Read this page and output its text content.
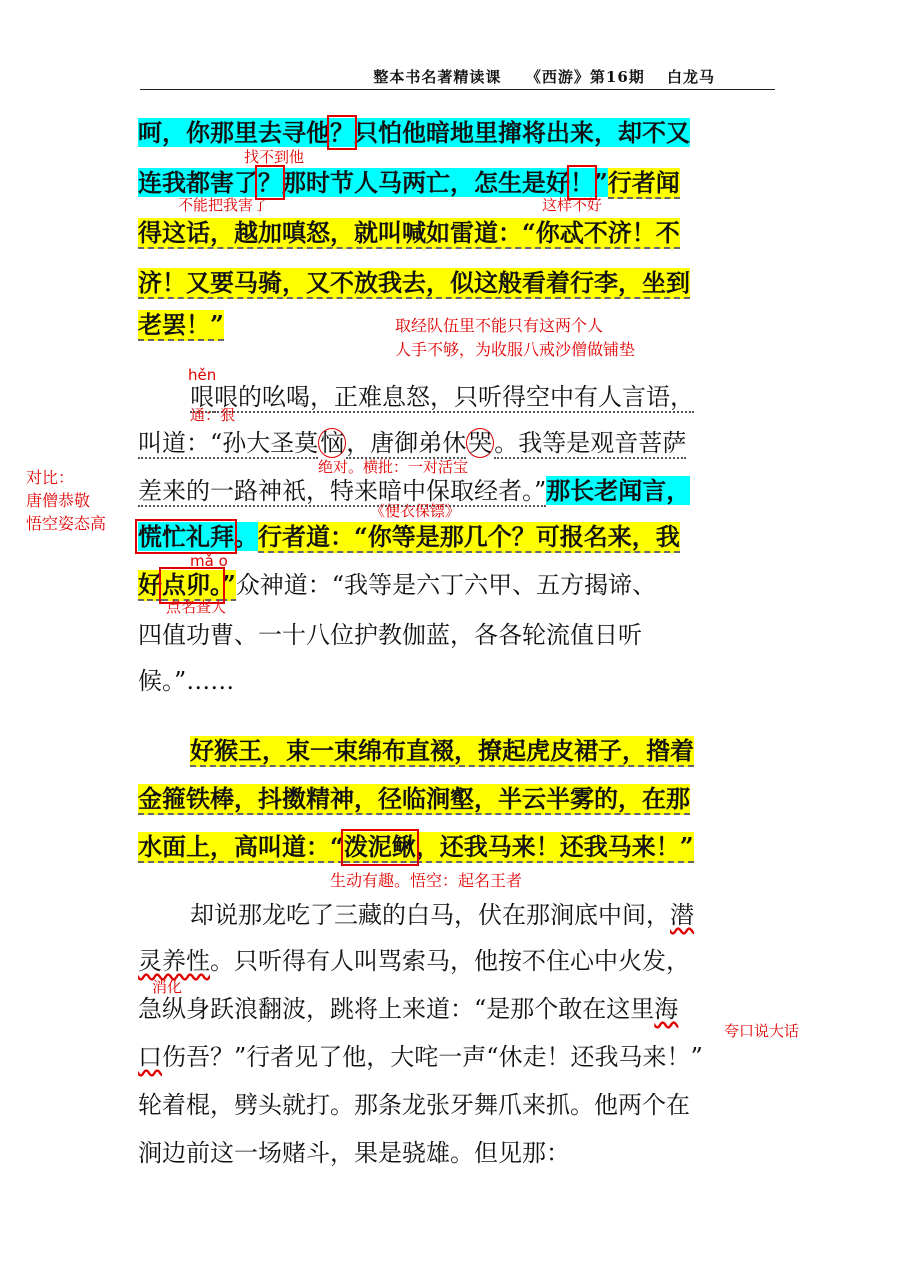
整本书名著精读课　　《西游》第16期　 白龙马
呵，你那里去寻他？只怕他暗地里撺将出来，却不又
连我都害了？那时节人马两亡，怎生是好！”行者闻
得这话，越加嗔怒，就叫喊如雷道：“你忒不济！不
济！又要马骑，又不放我去，似这般看着行李，坐到
老罢！”
找不到他
不能把我害了	这样不好
取经队伍里不能只有这两个人
人手不够，为收服八戒沙僧做铺垫
hěn
哏哏的吆喝，正难息怒，只听得空中有人言语，
通：狠
叫道：“孙大圣莫恼，唐御弟休哭。我等是观音菩萨
绝对。横批：一对活宝
差来的一路神祇，特来暗中保取经者。”那长老闻言，
《便衣保镖》
慌忙礼拜。行者道：“你等是那几个？可报名来，我
mǎ o
好点卯。”众神道：“我等是六丁六甲、五方揭谛、
点名查人
四值功曹、一十八位护教伽蓝，各各轮流值日听
候。”……
对比：
唐僧恭敬
悟空姿态高
好猴王，束一束绵布直裰，撩起虎皮裙子，揝着
金箍铁棒，抖擞精神，径临涧壑，半云半雾的，在那
水面上，高叫道：“泼泥鳅，还我马来！还我马来！”
生动有趣。悟空：起名王者
却说那龙吃了三藏的白马，伏在那涧底中间，潜
灵养性。只听得有人叫骂索马，他按不住心中火发，
消化
急纵身跃浪翻波，跳将上来道：“是那个敢在这里海
夸口说大话
口伤吾？”行者见了他，大咤一声“休走！还我马来！”
轮着棍，劈头就打。那条龙张牙舞爪来抓。他两个在
涧边前这一场赌斗，果是骁雄。但见那：
